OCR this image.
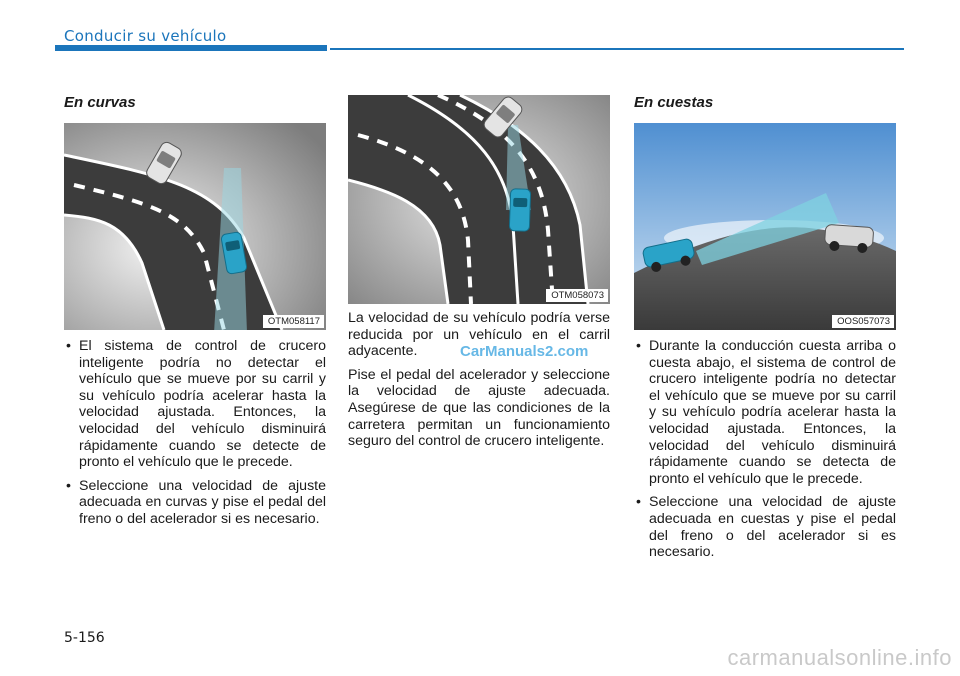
Conducir su vehículo
En curvas
OTM058117
• El sistema de control de crucero inteligente podría no detectar el vehículo que se mueve por su carril y su vehículo podría acelerar hasta la velocidad ajustada. Entonces, la velocidad del vehículo disminuirá rápidamente cuando se detecte de pronto el vehículo que le precede.
• Seleccione una velocidad de ajuste adecuada en curvas y pise el pedal del freno o del acelerador si es necesario.
OTM058073

La velocidad de su vehículo podría verse reducida por un vehículo en el carril adyacente.

Pise el pedal del acelerador y seleccione la velocidad de ajuste adecuada. Asegúrese de que las condiciones de la carretera permitan un funcionamiento seguro del control de crucero inteligente.

CarManuals2.com
En cuestas
OOS057073
• Durante la conducción cuesta arriba o cuesta abajo, el sistema de control de crucero inteligente podría no detectar el vehículo que se mueve por su carril y su vehículo podría acelerar hasta la velocidad ajustada. Entonces, la velocidad del vehículo disminuirá rápidamente cuando se detecta de pronto el vehículo que le precede.
• Seleccione una velocidad de ajuste adecuada en cuestas y pise el pedal del freno o del acelerador si es necesario.
5-156
carmanualsonline.info
